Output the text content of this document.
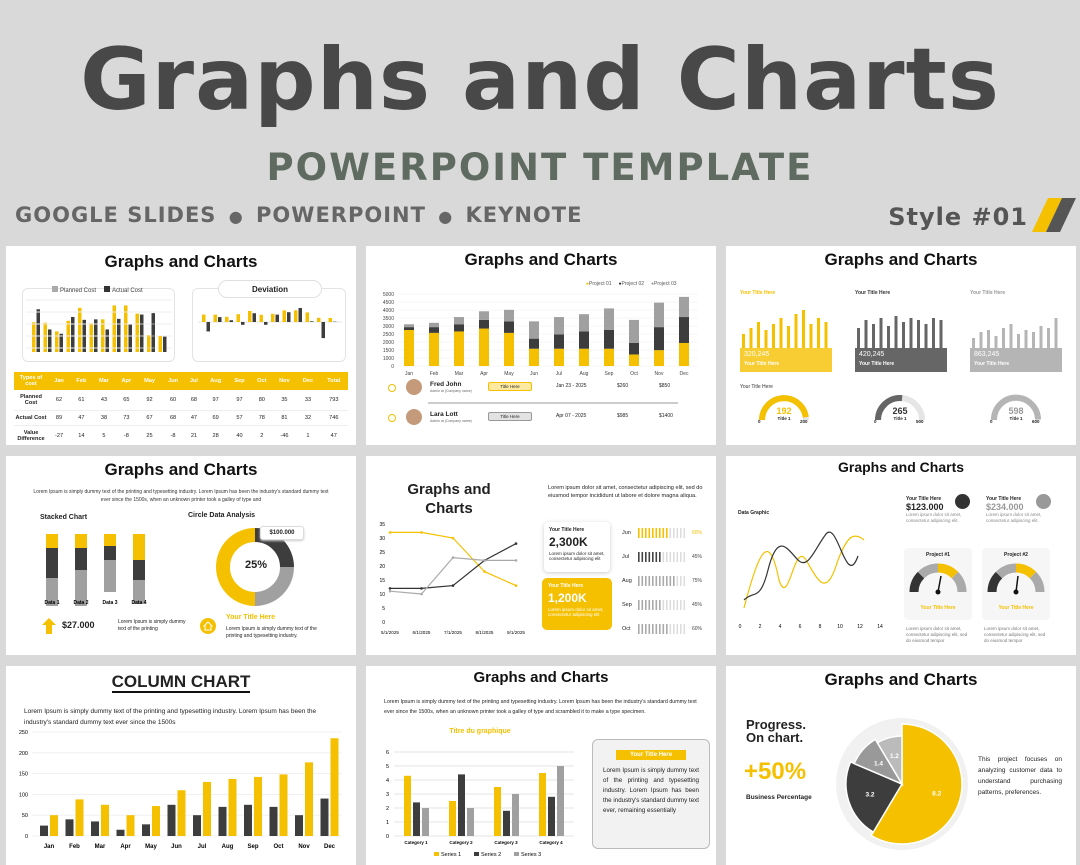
Graphs and Charts
POWERPOINT TEMPLATE
GOOGLE SLIDES ● POWERPOINT ● KEYNOTE	Style #01
Graphs and Charts
Planned Cost	Actual Cost	Deviation
Types of cost	Jan	Feb	Mar	Apr	May	Jun	Jul	Aug	Sep	Oct	Nov	Dec	Total
Planned Cost	62	61	43	65	92	60	68	97	97	80	35	33	793
Actual Cost	89	47	38	73	67	68	47	69	57	78	81	32	746
Value Difference	-27	14	5	-8	25	-8	21	28	40	2	-46	1	47
Graphs and Charts
●Project 01 ●Project 02 ●Project 03
0
1000
1500
2000
2500
3000
3500
4000
4500
5000
Jan	Feb	Mar	Apr	May	Jun	Jul	Aug	Sep	Oct	Nov	Dec
Fred John
Admin at (Company name)
Title Here	Jan 23 - 2025	$260	$850
Lara Lott
Admin at (Company name)
Title Here	Apr 07 - 2025	$985	$1400
Graphs and Charts
Your Title Here
320,245
Your Title Here
Your Title Here
420,245
Your Title Here
Your Title Here
863,245
Your Title Here
Your Title Here
192
Title 1
0	200
265
Title 1
0	500
598
Title 1
0	600
Graphs and Charts
Lorem Ipsum is simply dummy text of the printing and typesetting industry. Lorem Ipsum has been the industry's standard dummy text ever since the 1500s, when an unknown printer took a galley of type and
Stacked Chart
Data 1	Data 2	Data 3	Data 4
$27.000	Lorem Ipsum is simply dummy text of the printing
Circle Data Analysis
25%
$100.000
Your Title Here
Lorem Ipsum is simply dummy text of the printing and typesetting industry.
Graphs and
Charts
Lorem ipsum dolor sit amet, consectetur adipiscing elit, sed do eiusmod tempor incididunt ut labore et dolore magna aliqua.
35
30
25
20
15
10
5
0
5/1/2025	6/1/2025	7/1/2025	8/1/2025	9/1/2025
Your Title Here
2,300K
Lorem ipsum dolor sit amet, consectetur adipiscing elit
Your Title Here
1,200K
Lorem ipsum dolor sit amet, consectetur adipiscing elit
Jun	60%
Jul	45%
Aug	75%
Sep	45%
Oct	60%
Graphs and Charts
Data Graphic
0	2	4	6	8	10	12	14
Your Title Here
$123.000
Lorem ipsum dolor sit amet, consectetur adipiscing elit.
Your Title Here
$234.000
Lorem ipsum dolor sit amet, consectetur adipiscing elit.
Project #1
Your Title Here
Lorem ipsum dolor sit amet, consectetur adipiscing elit, sed do eiusmod tempor
Project #2
Your Title Here
Lorem ipsum dolor sit amet, consectetur adipiscing elit, sed do eiusmod tempor
COLUMN CHART
Lorem Ipsum is simply dummy text of the printing and typesetting industry. Lorem Ipsum has been the industry's standard dummy text ever since the 1500s
250
200
150
100
50
0
Jan Feb Mar Apr May Jun	Jul	Aug Sep Oct Nov Dec
Graphs and Charts
Lorem Ipsum is simply dummy text of the printing and typesetting industry. Lorem Ipsum has been the industry's standard dummy text ever since the 1500s, when an unknown printer took a galley of type and scrambled it to make a type specimen.
Titre du graphique
6
5
4
3
2
1
0
Category 1	Category 2	Category 3	Category 4
Series 1	Series 2	Series 3
Your Title Here
Lorem Ipsum is simply dummy text of the printing and typesetting industry. Lorem Ipsum has been the industry's standard dummy text ever, remaining essentially
Graphs and Charts
Progress.
On chart.
+50%
Business Percentage	8.2
3.2
1.4
1.2	This project focuses on analyzing customer data to understand purchasing patterns, preferences.
